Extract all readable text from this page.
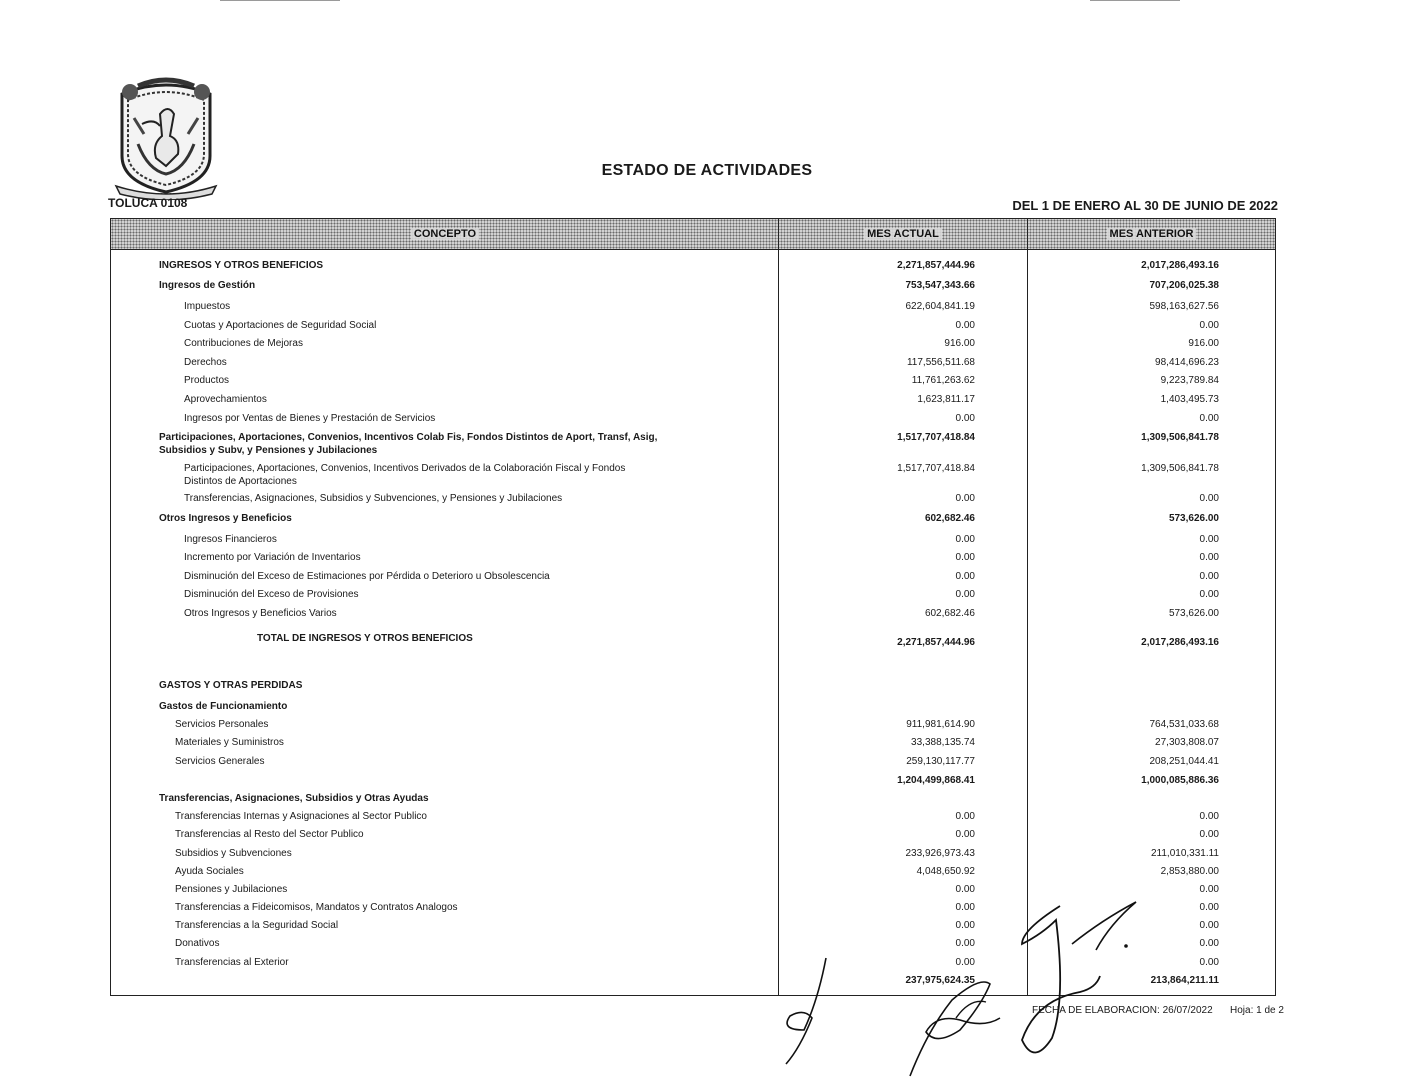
· · · · · · · · · ·
TOLUCA 0108
ESTADO DE ACTIVIDADES
DEL 1 DE ENERO AL 30 DE JUNIO DE 2022
CONCEPTO	MES ACTUAL	MES ANTERIOR
INGRESOS Y OTROS BENEFICIOS	2,271,857,444.96	2,017,286,493.16
Ingresos de Gestión	753,547,343.66	707,206,025.38
Impuestos	622,604,841.19	598,163,627.56
Cuotas y Aportaciones de Seguridad Social	0.00	0.00
Contribuciones de Mejoras	916.00	916.00
Derechos	117,556,511.68	98,414,696.23
Productos	11,761,263.62	9,223,789.84
Aprovechamientos	1,623,811.17	1,403,495.73
Ingresos por Ventas de Bienes y Prestación de Servicios	0.00	0.00
Participaciones, Aportaciones, Convenios, Incentivos Colab Fis, Fondos Distintos de Aport, Transf, Asig,
Subsidios y Subv, y Pensiones y Jubilaciones
1,517,707,418.84	1,309,506,841.78
Participaciones, Aportaciones, Convenios, Incentivos Derivados de la Colaboración Fiscal y Fondos
Distintos de Aportaciones
1,517,707,418.84	1,309,506,841.78
Transferencias, Asignaciones, Subsidios y Subvenciones, y Pensiones y Jubilaciones	0.00	0.00
Otros Ingresos y Beneficios	602,682.46	573,626.00
Ingresos Financieros	0.00	0.00
Incremento por Variación de Inventarios	0.00	0.00
Disminución del Exceso de Estimaciones por Pérdida o Deterioro u Obsolescencia	0.00	0.00
Disminución del Exceso de Provisiones	0.00	0.00
Otros Ingresos y Beneficios Varios	602,682.46	573,626.00
TOTAL DE INGRESOS Y OTROS BENEFICIOS	2,271,857,444.96	2,017,286,493.16
GASTOS Y OTRAS PERDIDAS
Gastos de Funcionamiento
Servicios Personales	911,981,614.90	764,531,033.68
Materiales y Suministros	33,388,135.74	27,303,808.07
Servicios Generales	259,130,117.77	208,251,044.41
1,204,499,868.41	1,000,085,886.36
Transferencias, Asignaciones, Subsidios y Otras Ayudas
Transferencias Internas y Asignaciones al Sector Publico	0.00	0.00
Transferencias al Resto del Sector Publico	0.00	0.00
Subsidios y Subvenciones	233,926,973.43	211,010,331.11
Ayuda Sociales	4,048,650.92	2,853,880.00
Pensiones y Jubilaciones	0.00	0.00
Transferencias a Fideicomisos, Mandatos y Contratos Analogos	0.00	0.00
Transferencias a la Seguridad Social	0.00	0.00
Donativos	0.00	0.00
Transferencias al Exterior	0.00	0.00
237,975,624.35	213,864,211.11
FECHA DE ELABORACION: 26/07/2022 Hoja: 1 de 2
